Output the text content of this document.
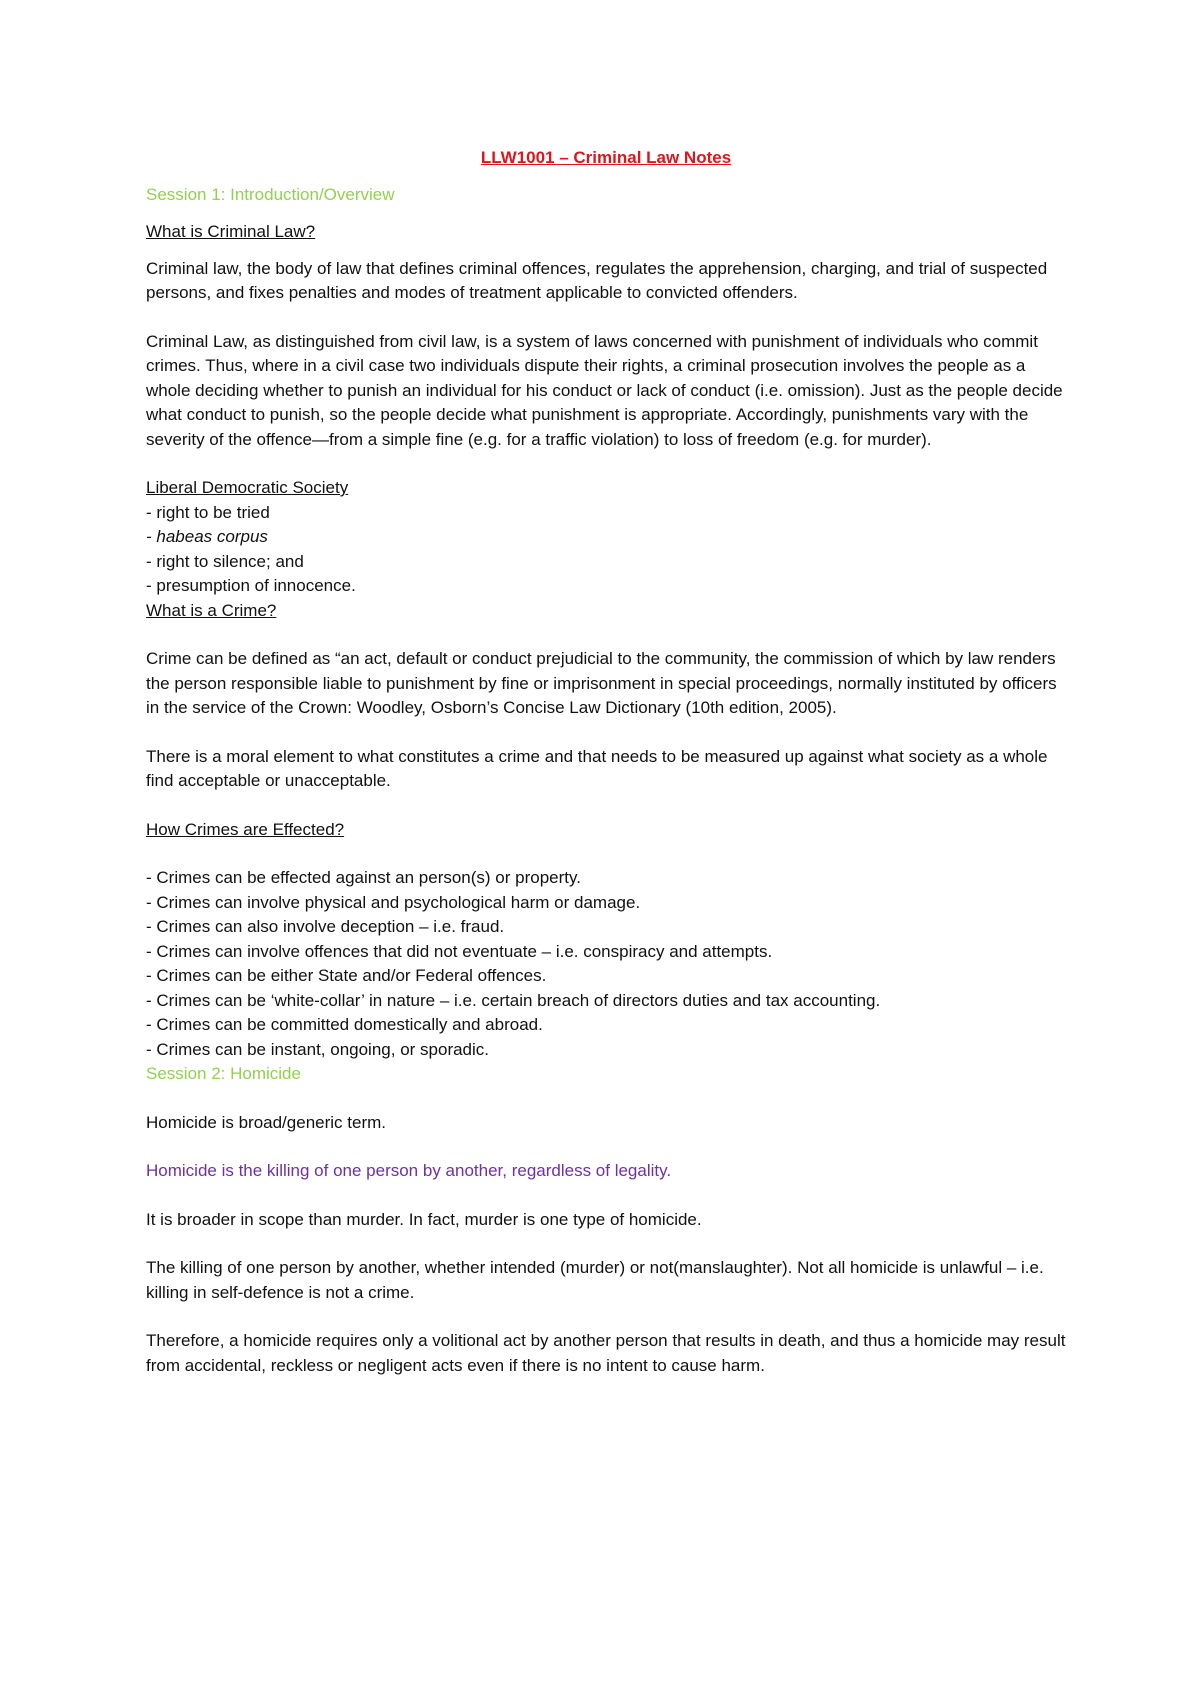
LLW1001 – Criminal Law Notes

Session 1: Introduction/Overview

What is Criminal Law?

Criminal law, the body of law that defines criminal offences, regulates the apprehension, charging, and trial of suspected persons, and fixes penalties and modes of treatment applicable to convicted offenders.

Criminal Law, as distinguished from civil law, is a system of laws concerned with punishment of individuals who commit crimes. Thus, where in a civil case two individuals dispute their rights, a criminal prosecution involves the people as a whole deciding whether to punish an individual for his conduct or lack of conduct (i.e. omission). Just as the people decide what conduct to punish, so the people decide what punishment is appropriate. Accordingly, punishments vary with the severity of the offence—from a simple fine (e.g. for a traffic violation) to loss of freedom (e.g. for murder).

Liberal Democratic Society

- right to be tried
- habeas corpus
- right to silence; and
- presumption of innocence.

What is a Crime?

Crime can be defined as “an act, default or conduct prejudicial to the community, the commission of which by law renders the person responsible liable to punishment by fine or imprisonment in special proceedings, normally instituted by officers in the service of the Crown: Woodley, Osborn’s Concise Law Dictionary (10th edition, 2005).

There is a moral element to what constitutes a crime and that needs to be measured up against what society as a whole find acceptable or unacceptable.

How Crimes are Effected?

- Crimes can be effected against an person(s) or property.
- Crimes can involve physical and psychological harm or damage.
- Crimes can also involve deception – i.e. fraud.
- Crimes can involve offences that did not eventuate – i.e. conspiracy and attempts.
- Crimes can be either State and/or Federal offences.
- Crimes can be ‘white-collar’ in nature – i.e. certain breach of directors duties and tax accounting.
- Crimes can be committed domestically and abroad.
- Crimes can be instant, ongoing, or sporadic.

Session 2: Homicide

Homicide is broad/generic term.

Homicide is the killing of one person by another, regardless of legality.

It is broader in scope than murder. In fact, murder is one type of homicide.

The killing of one person by another, whether intended (murder) or not(manslaughter). Not all homicide is unlawful – i.e. killing in self-defence is not a crime.

Therefore, a homicide requires only a volitional act by another person that results in death, and thus a homicide may result from accidental, reckless or negligent acts even if there is no intent to cause harm.
